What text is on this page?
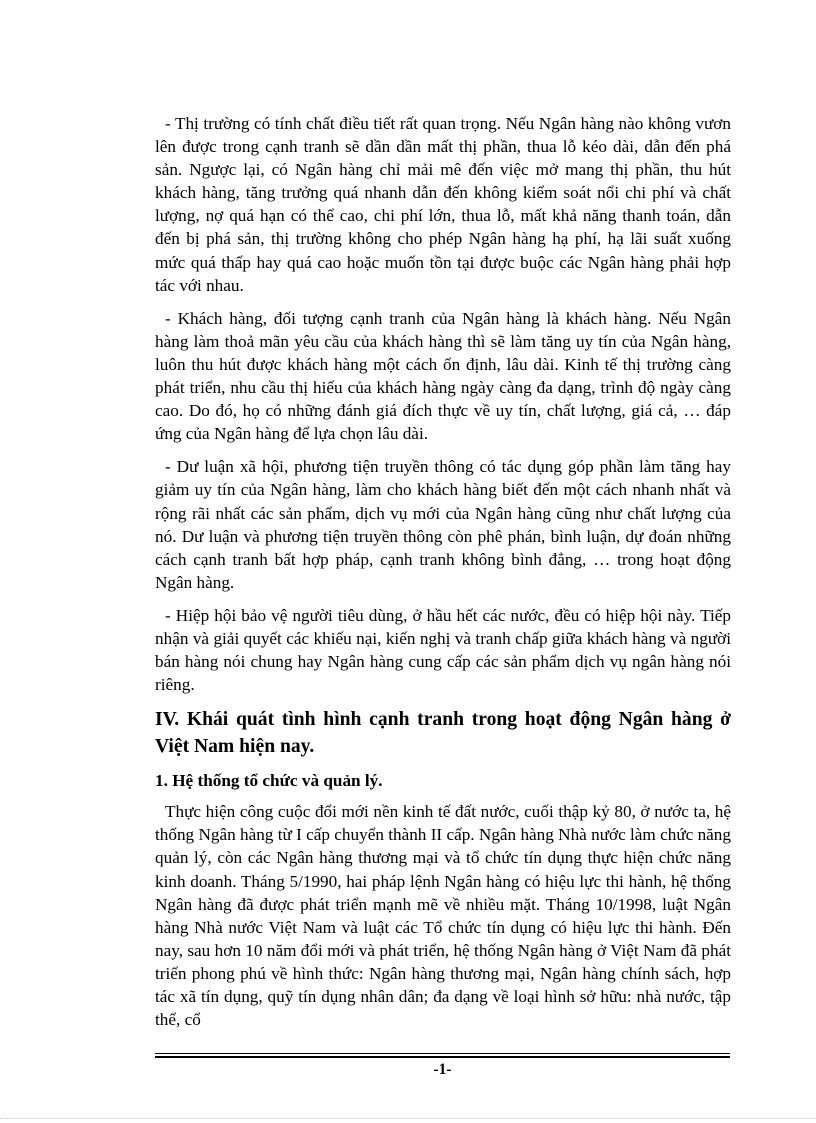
- Thị trường có tính chất điều tiết rất quan trọng. Nếu Ngân hàng nào không vươn lên được trong cạnh tranh sẽ dần dần mất thị phần, thua lỗ kéo dài, dẫn đến phá sản. Ngược lại, có Ngân hàng chỉ mải mê đến việc mở mang thị phần, thu hút khách hàng, tăng trưởng quá nhanh dẫn đến không kiểm soát nổi chi phí và chất lượng, nợ quá hạn có thể cao, chi phí lớn, thua lỗ, mất khả năng thanh toán, dẫn đến bị phá sản, thị trường không cho phép Ngân hàng hạ phí, hạ lãi suất xuống mức quá thấp hay quá cao hoặc muốn tồn tại được buộc các Ngân hàng phải hợp tác với nhau.

- Khách hàng, đối tượng cạnh tranh của Ngân hàng là khách hàng. Nếu Ngân hàng làm thoả mãn yêu cầu của khách hàng thì sẽ làm tăng uy tín của Ngân hàng, luôn thu hút được khách hàng một cách ổn định, lâu dài. Kinh tế thị trường càng phát triển, nhu cầu thị hiếu của khách hàng ngày càng đa dạng, trình độ ngày càng cao. Do đó, họ có những đánh giá đích thực về uy tín, chất lượng, giá cả, … đáp ứng của Ngân hàng để lựa chọn lâu dài.

- Dư luận xã hội, phương tiện truyền thông có tác dụng góp phần làm tăng hay giảm uy tín của Ngân hàng, làm cho khách hàng biết đến một cách nhanh nhất và rộng rãi nhất các sản phẩm, dịch vụ mới của Ngân hàng cũng như chất lượng của nó. Dư luận và phương tiện truyền thông còn phê phán, bình luận, dự đoán những cách cạnh tranh bất hợp pháp, cạnh tranh không bình đẳng, … trong hoạt động Ngân hàng.

- Hiệp hội bảo vệ người tiêu dùng, ở hầu hết các nước, đều có hiệp hội này. Tiếp nhận và giải quyết các khiếu nại, kiến nghị và tranh chấp giữa khách hàng và người bán hàng nói chung hay Ngân hàng cung cấp các sản phẩm dịch vụ ngân hàng nói riêng.

IV. Khái quát tình hình cạnh tranh trong hoạt động Ngân hàng ở Việt Nam hiện nay.
1. Hệ thống tổ chức và quản lý.

Thực hiện công cuộc đổi mới nền kinh tế đất nước, cuối thập kỷ 80, ở nước ta, hệ thống Ngân hàng từ I cấp chuyển thành II cấp. Ngân hàng Nhà nước làm chức năng quản lý, còn các Ngân hàng thương mại và tổ chức tín dụng thực hiện chức năng kinh doanh. Tháng 5/1990, hai pháp lệnh Ngân hàng có hiệu lực thi hành, hệ thống Ngân hàng đã được phát triển mạnh mẽ về nhiều mặt. Tháng 10/1998, luật Ngân hàng Nhà nước Việt Nam và luật các Tổ chức tín dụng có hiệu lực thi hành. Đến nay, sau hơn 10 năm đổi mới và phát triển, hệ thống Ngân hàng ở Việt Nam đã phát triển phong phú về hình thức: Ngân hàng thương mại, Ngân hàng chính sách, hợp tác xã tín dụng, quỹ tín dụng nhân dân; đa dạng về loại hình sở hữu: nhà nước, tập thể, cổ

-1-
